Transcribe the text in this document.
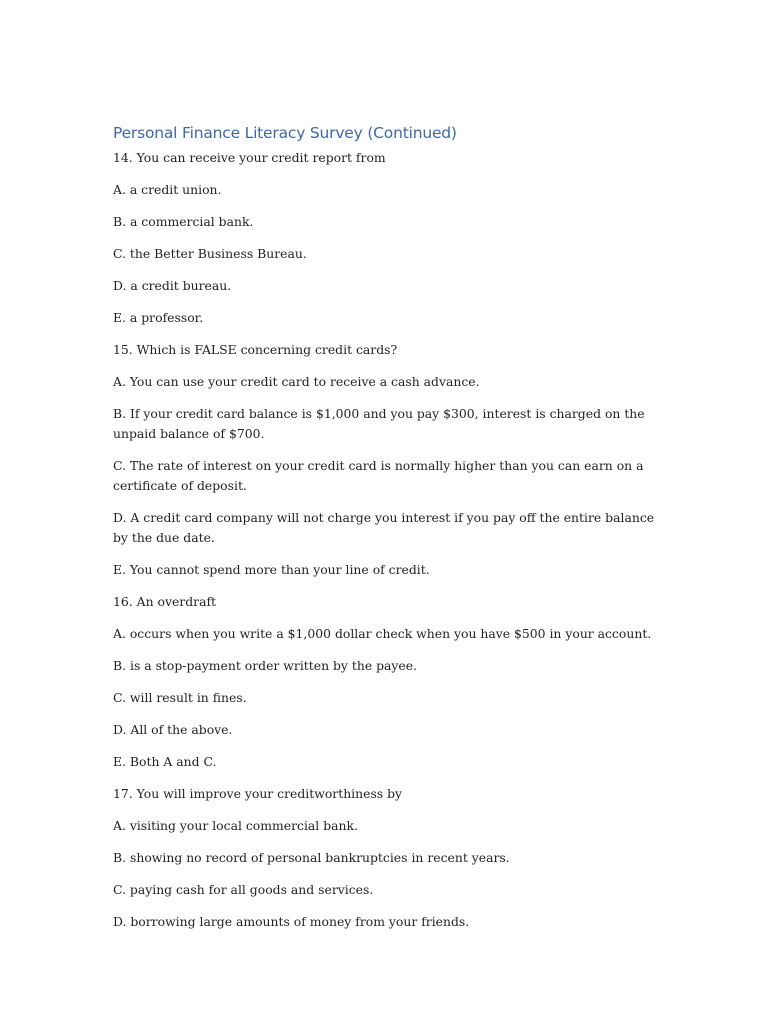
Personal Finance Literacy Survey (Continued)

14. You can receive your credit report from

A. a credit union.

B. a commercial bank.

C. the Better Business Bureau.

D. a credit bureau.

E. a professor.

15. Which is FALSE concerning credit cards?

A. You can use your credit card to receive a cash advance.

B. If your credit card balance is $1,000 and you pay $300, interest is charged on the unpaid balance of $700.

C. The rate of interest on your credit card is normally higher than you can earn on a certificate of deposit.

D. A credit card company will not charge you interest if you pay off the entire balance by the due date.

E. You cannot spend more than your line of credit.

16. An overdraft

A. occurs when you write a $1,000 dollar check when you have $500 in your account.

B. is a stop-payment order written by the payee.

C. will result in fines.

D. All of the above.

E. Both A and C.

17. You will improve your creditworthiness by

A. visiting your local commercial bank.

B. showing no record of personal bankruptcies in recent years.

C. paying cash for all goods and services.

D. borrowing large amounts of money from your friends.
